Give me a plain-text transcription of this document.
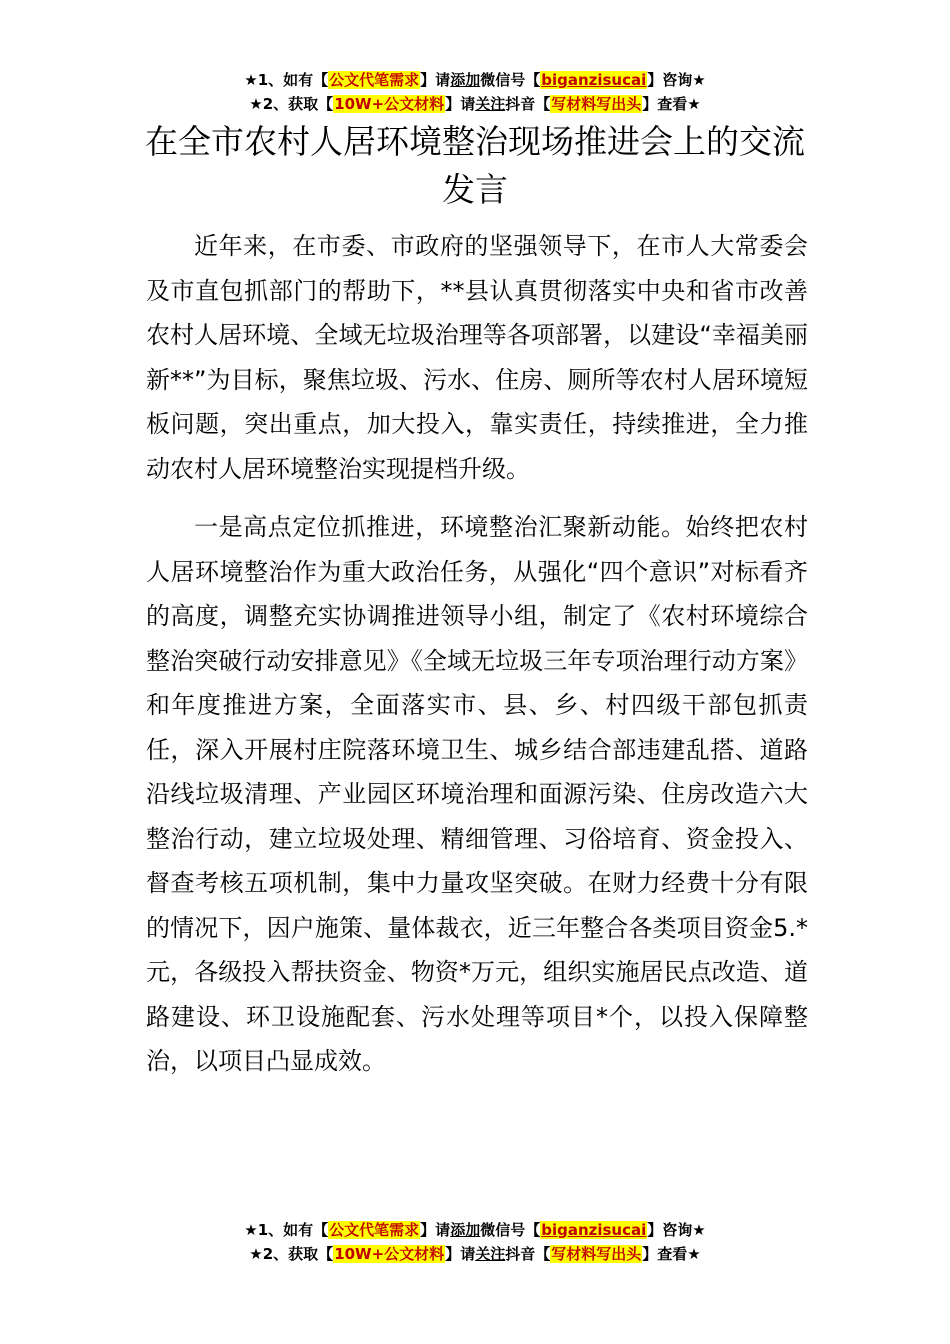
★1、如有【公文代笔需求】请添加微信号【biganzisucai】咨询★
★2、获取【10W+公文材料】请关注抖音【写材料写出头】查看★
在全市农村人居环境整治现场推进会上的交流发言

近年来，在市委、市政府的坚强领导下，在市人大常委会及市直包抓部门的帮助下，**县认真贯彻落实中央和省市改善农村人居环境、全域无垃圾治理等各项部署，以建设“幸福美丽新**”为目标，聚焦垃圾、污水、住房、厕所等农村人居环境短板问题，突出重点，加大投入，靠实责任，持续推进，全力推动农村人居环境整治实现提档升级。

一是高点定位抓推进，环境整治汇聚新动能。始终把农村人居环境整治作为重大政治任务，从强化“四个意识”对标看齐的高度，调整充实协调推进领导小组，制定了《农村环境综合整治突破行动安排意见》《全域无垃圾三年专项治理行动方案》和年度推进方案，全面落实市、县、乡、村四级干部包抓责任，深入开展村庄院落环境卫生、城乡结合部违建乱搭、道路沿线垃圾清理、产业园区环境治理和面源污染、住房改造六大整治行动，建立垃圾处理、精细管理、习俗培育、资金投入、督查考核五项机制，集中力量攻坚突破。在财力经费十分有限的情况下，因户施策、量体裁衣，近三年整合各类项目资金5.*元，各级投入帮扶资金、物资*万元，组织实施居民点改造、道路建设、环卫设施配套、污水处理等项目*个，以投入保障整治，以项目凸显成效。

★1、如有【公文代笔需求】请添加微信号【biganzisucai】咨询★
★2、获取【10W+公文材料】请关注抖音【写材料写出头】查看★
